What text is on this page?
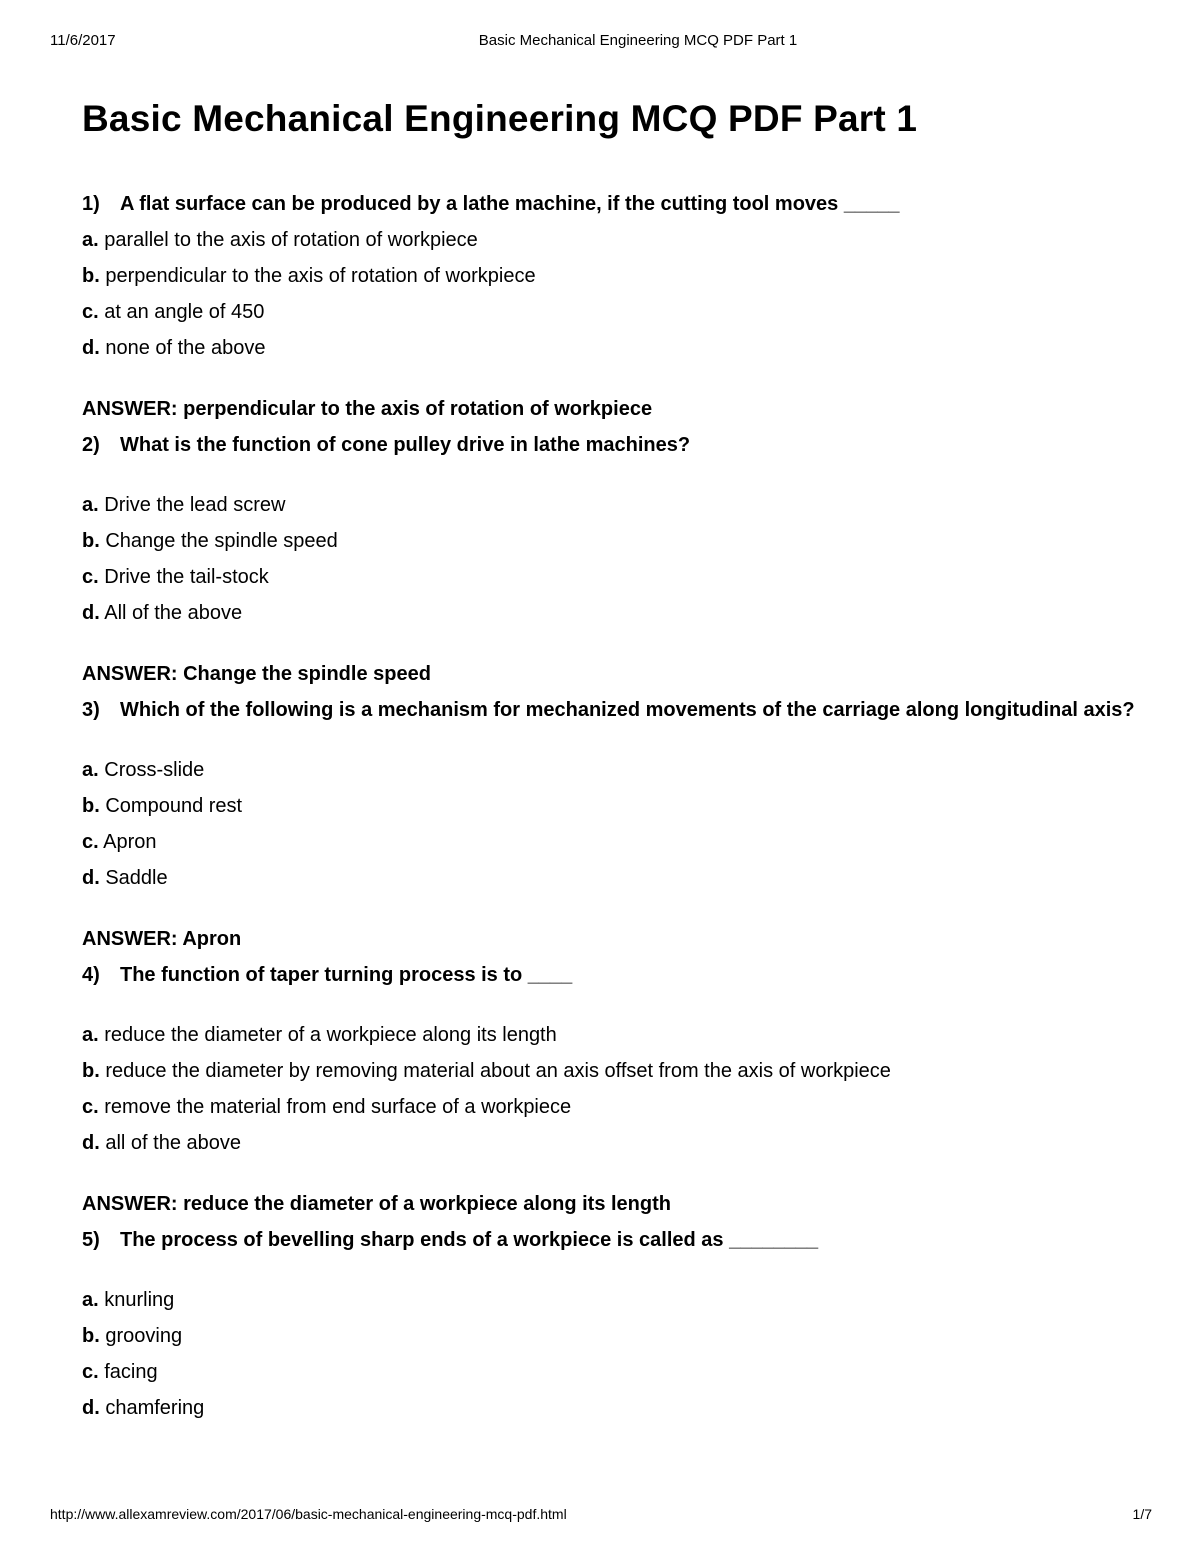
11/6/2017	Basic Mechanical Engineering MCQ PDF Part 1
Basic Mechanical Engineering MCQ PDF Part 1
1) A flat surface can be produced by a lathe machine, if the cutting tool moves _____
a. parallel to the axis of rotation of workpiece
b. perpendicular to the axis of rotation of workpiece
c. at an angle of 450
d. none of the above
ANSWER: perpendicular to the axis of rotation of workpiece
2) What is the function of cone pulley drive in lathe machines?
a. Drive the lead screw
b. Change the spindle speed
c. Drive the tail-stock
d. All of the above
ANSWER: Change the spindle speed
3) Which of the following is a mechanism for mechanized movements of the carriage along longitudinal axis?
a. Cross-slide
b. Compound rest
c. Apron
d. Saddle
ANSWER: Apron
4) The function of taper turning process is to ____
a. reduce the diameter of a workpiece along its length
b. reduce the diameter by removing material about an axis offset from the axis of workpiece
c. remove the material from end surface of a workpiece
d. all of the above
ANSWER: reduce the diameter of a workpiece along its length
5) The process of bevelling sharp ends of a workpiece is called as ________
a. knurling
b. grooving
c. facing
d. chamfering
http://www.allexamreview.com/2017/06/basic-mechanical-engineering-mcq-pdf.html	1/7
